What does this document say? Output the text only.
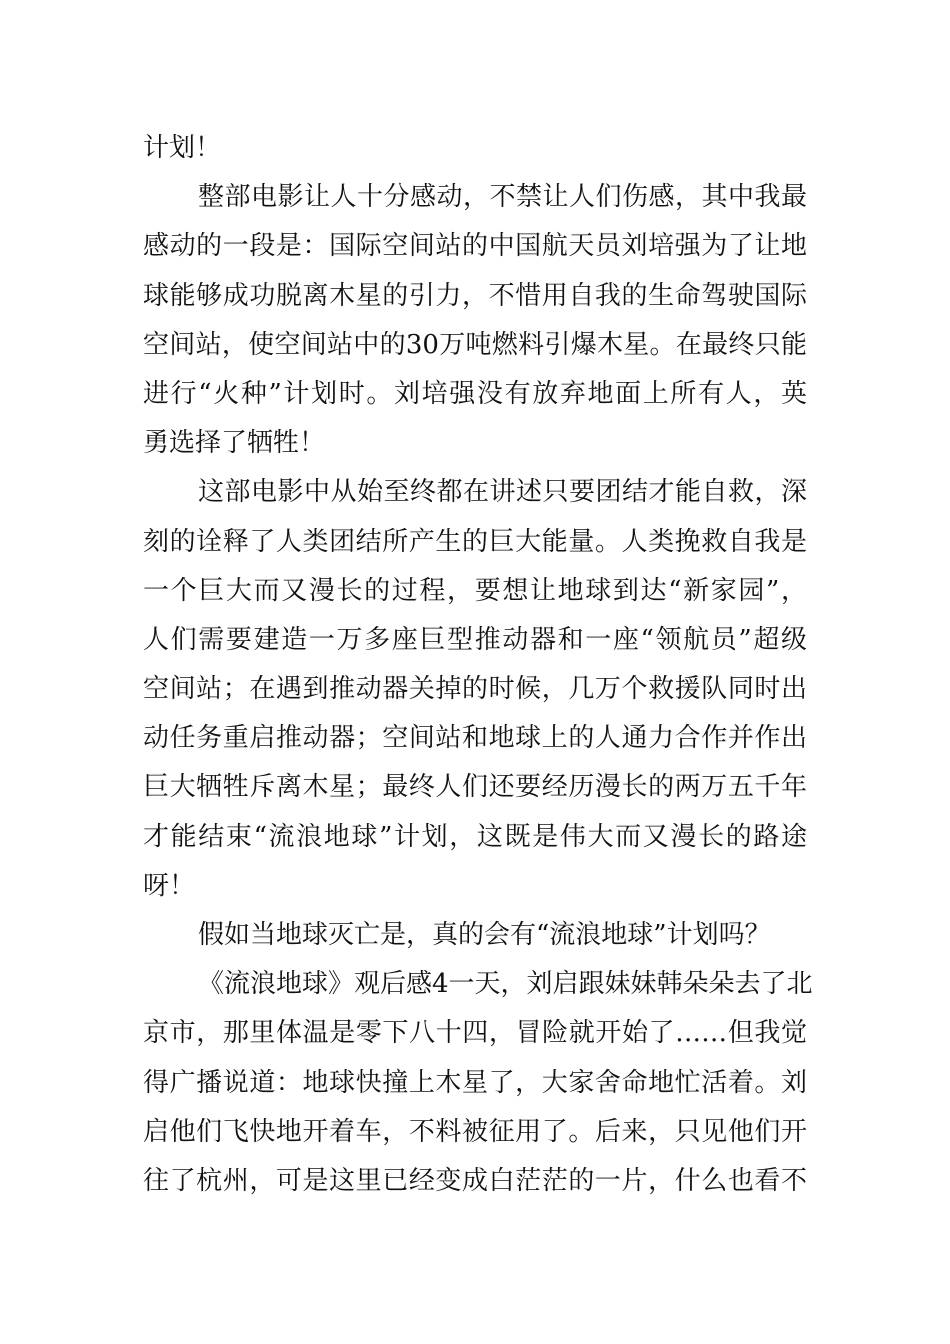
计划！
整部电影让人十分感动，不禁让人们伤感，其中我最
感动的一段是：国际空间站的中国航天员刘培强为了让地
球能够成功脱离木星的引力，不惜用自我的生命驾驶国际
空间站，使空间站中的30万吨燃料引爆木星。在最终只能
进行“火种”计划时。刘培强没有放弃地面上所有人，英
勇选择了牺牲！
这部电影中从始至终都在讲述只要团结才能自救，深
刻的诠释了人类团结所产生的巨大能量。人类挽救自我是
一个巨大而又漫长的过程，要想让地球到达“新家园”，
人们需要建造一万多座巨型推动器和一座“领航员”超级
空间站；在遇到推动器关掉的时候，几万个救援队同时出
动任务重启推动器；空间站和地球上的人通力合作并作出
巨大牺牲斥离木星；最终人们还要经历漫长的两万五千年
才能结束“流浪地球”计划，这既是伟大而又漫长的路途
呀！
假如当地球灭亡是，真的会有“流浪地球”计划吗？
《流浪地球》观后感4一天，刘启跟妹妹韩朵朵去了北
京市，那里体温是零下八十四，冒险就开始了……但我觉
得广播说道：地球快撞上木星了，大家舍命地忙活着。刘
启他们飞快地开着车，不料被征用了。后来，只见他们开
往了杭州，可是这里已经变成白茫茫的一片，什么也看不
